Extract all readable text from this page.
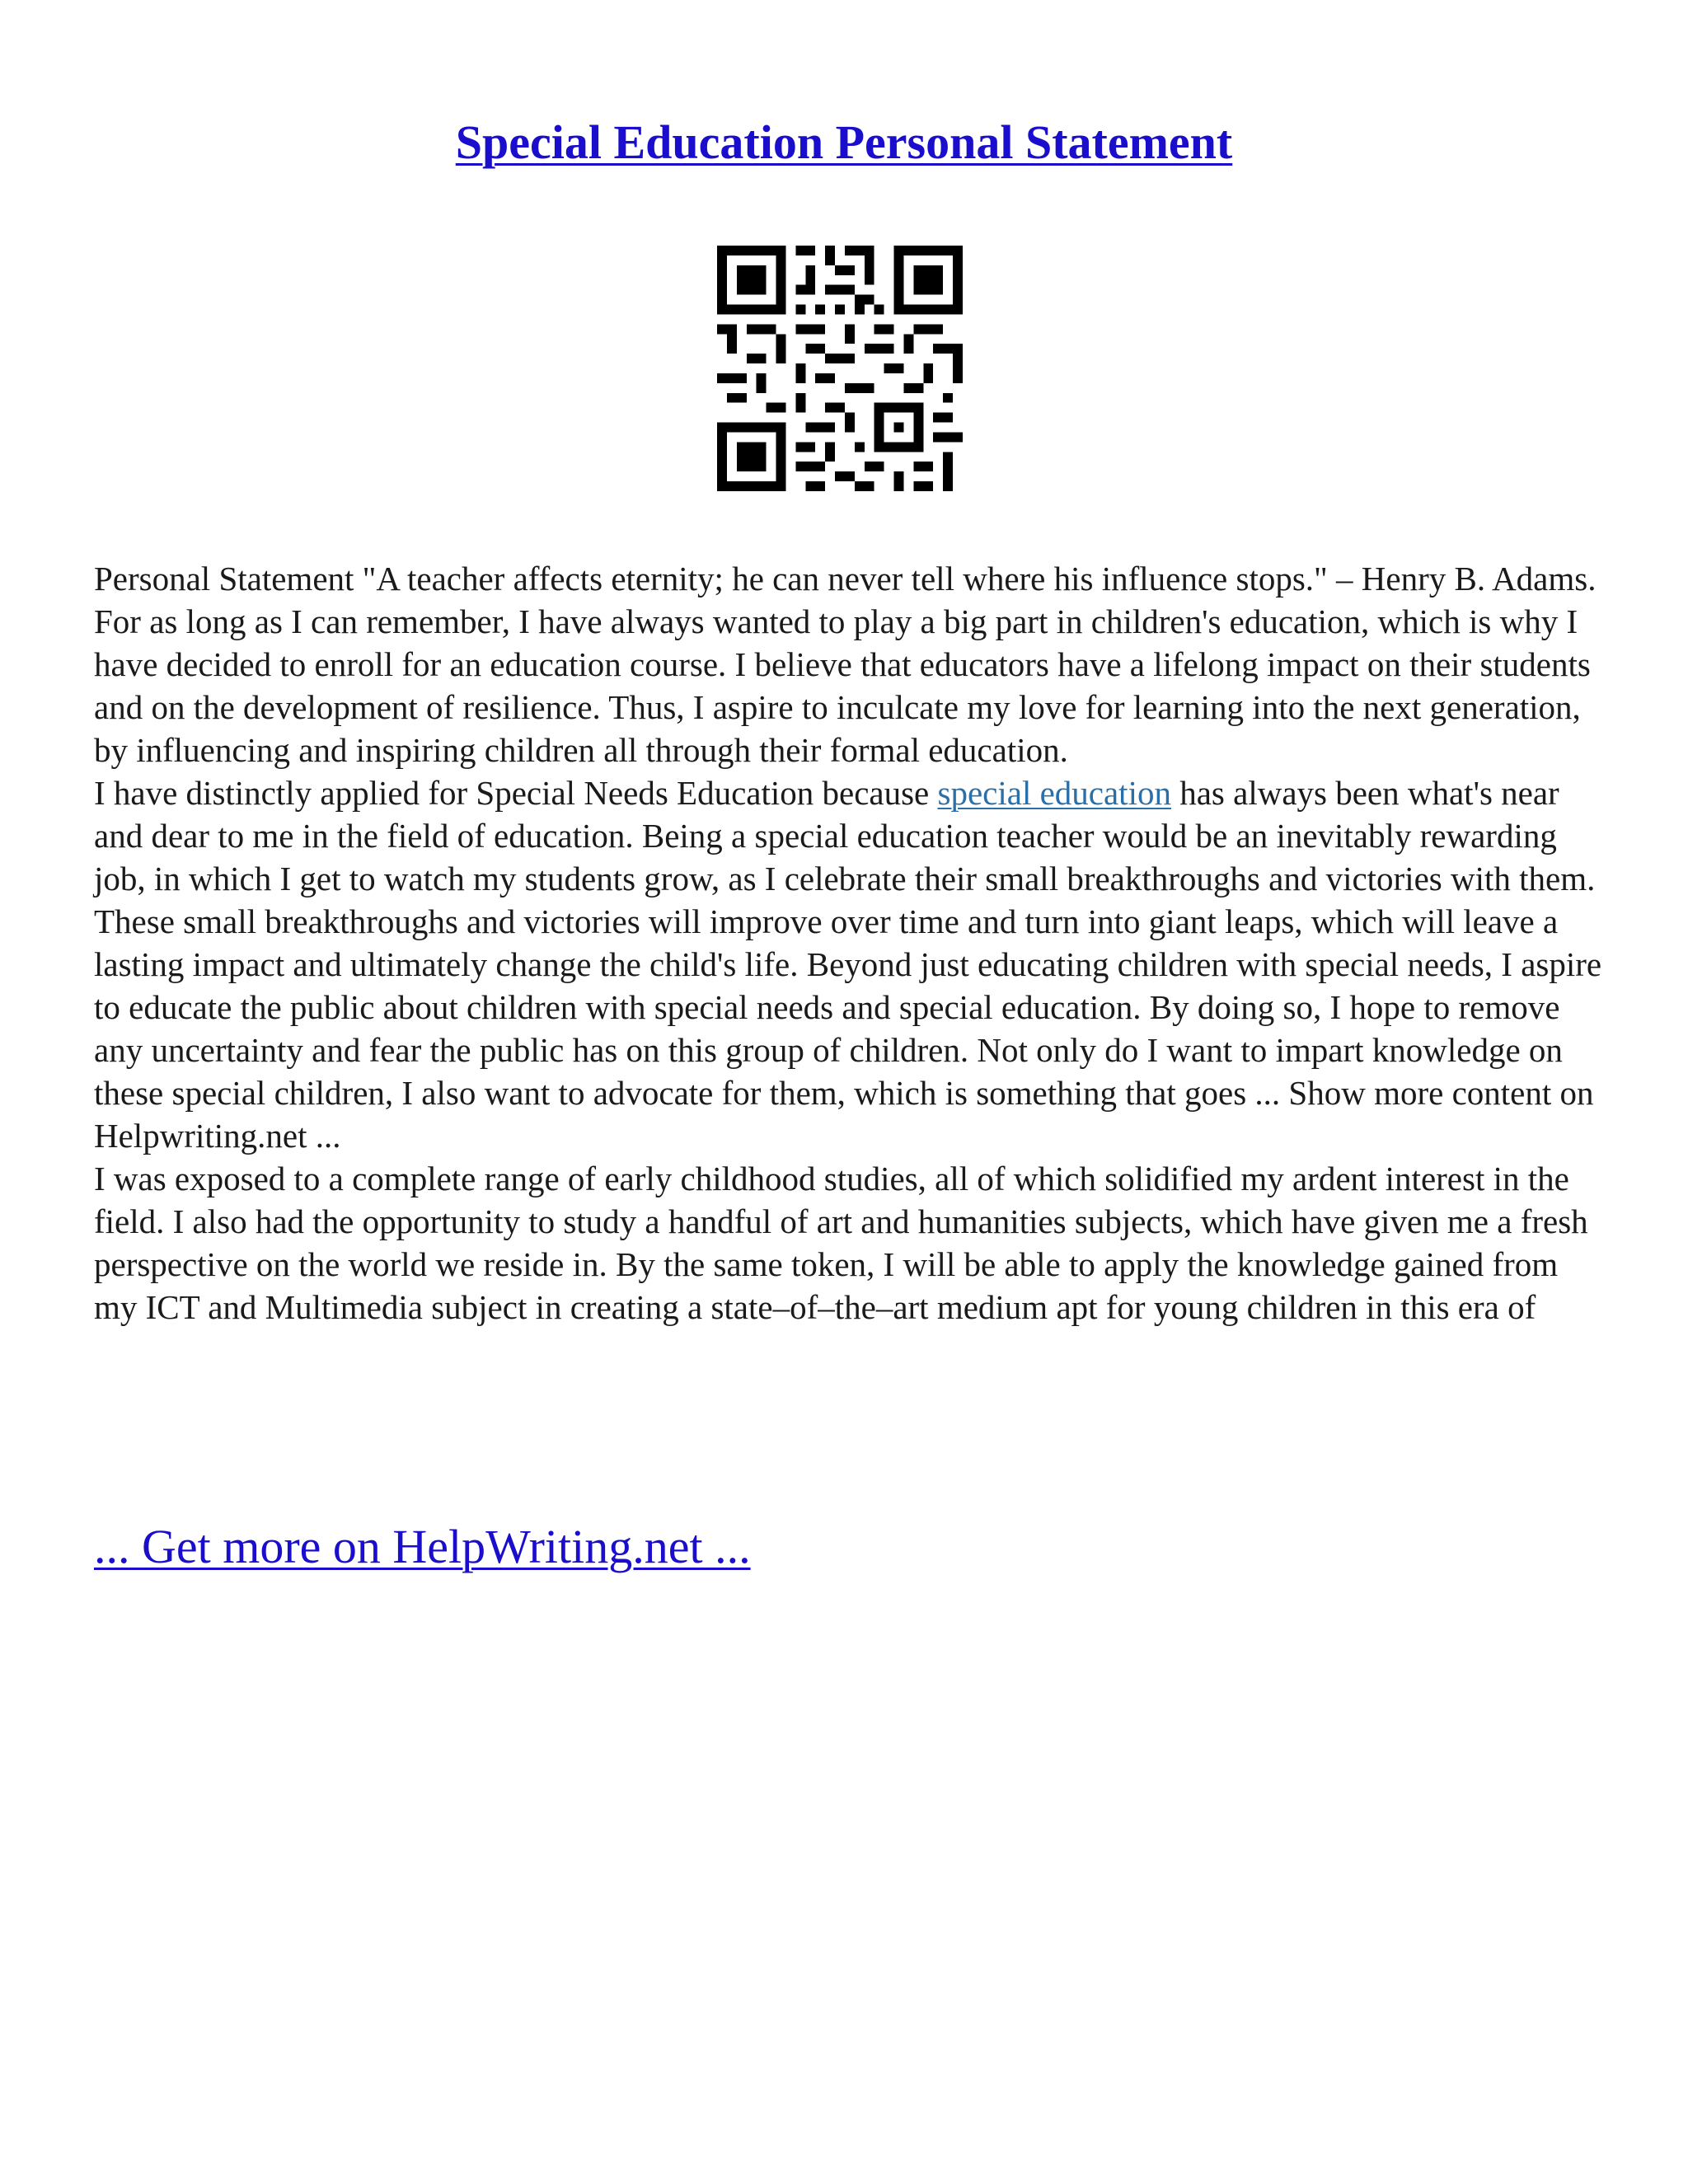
Special Education Personal Statement

Personal Statement "A teacher affects eternity; he can never tell where his influence stops." – Henry B. Adams. For as long as I can remember, I have always wanted to play a big part in children's education, which is why I have decided to enroll for an education course. I believe that educators have a lifelong impact on their students and on the development of resilience. Thus, I aspire to inculcate my love for learning into the next generation, by influencing and inspiring children all through their formal education.

I have distinctly applied for Special Needs Education because special education has always been what's near and dear to me in the field of education. Being a special education teacher would be an inevitably rewarding job, in which I get to watch my students grow, as I celebrate their small breakthroughs and victories with them. These small breakthroughs and victories will improve over time and turn into giant leaps, which will leave a lasting impact and ultimately change the child's life. Beyond just educating children with special needs, I aspire to educate the public about children with special needs and special education. By doing so, I hope to remove any uncertainty and fear the public has on this group of children. Not only do I want to impart knowledge on these special children, I also want to advocate for them, which is something that goes ... Show more content on Helpwriting.net ...

I was exposed to a complete range of early childhood studies, all of which solidified my ardent interest in the field. I also had the opportunity to study a handful of art and humanities subjects, which have given me a fresh perspective on the world we reside in. By the same token, I will be able to apply the knowledge gained from my ICT and Multimedia subject in creating a state–of–the–art medium apt for young children in this era of

... Get more on HelpWriting.net ...
